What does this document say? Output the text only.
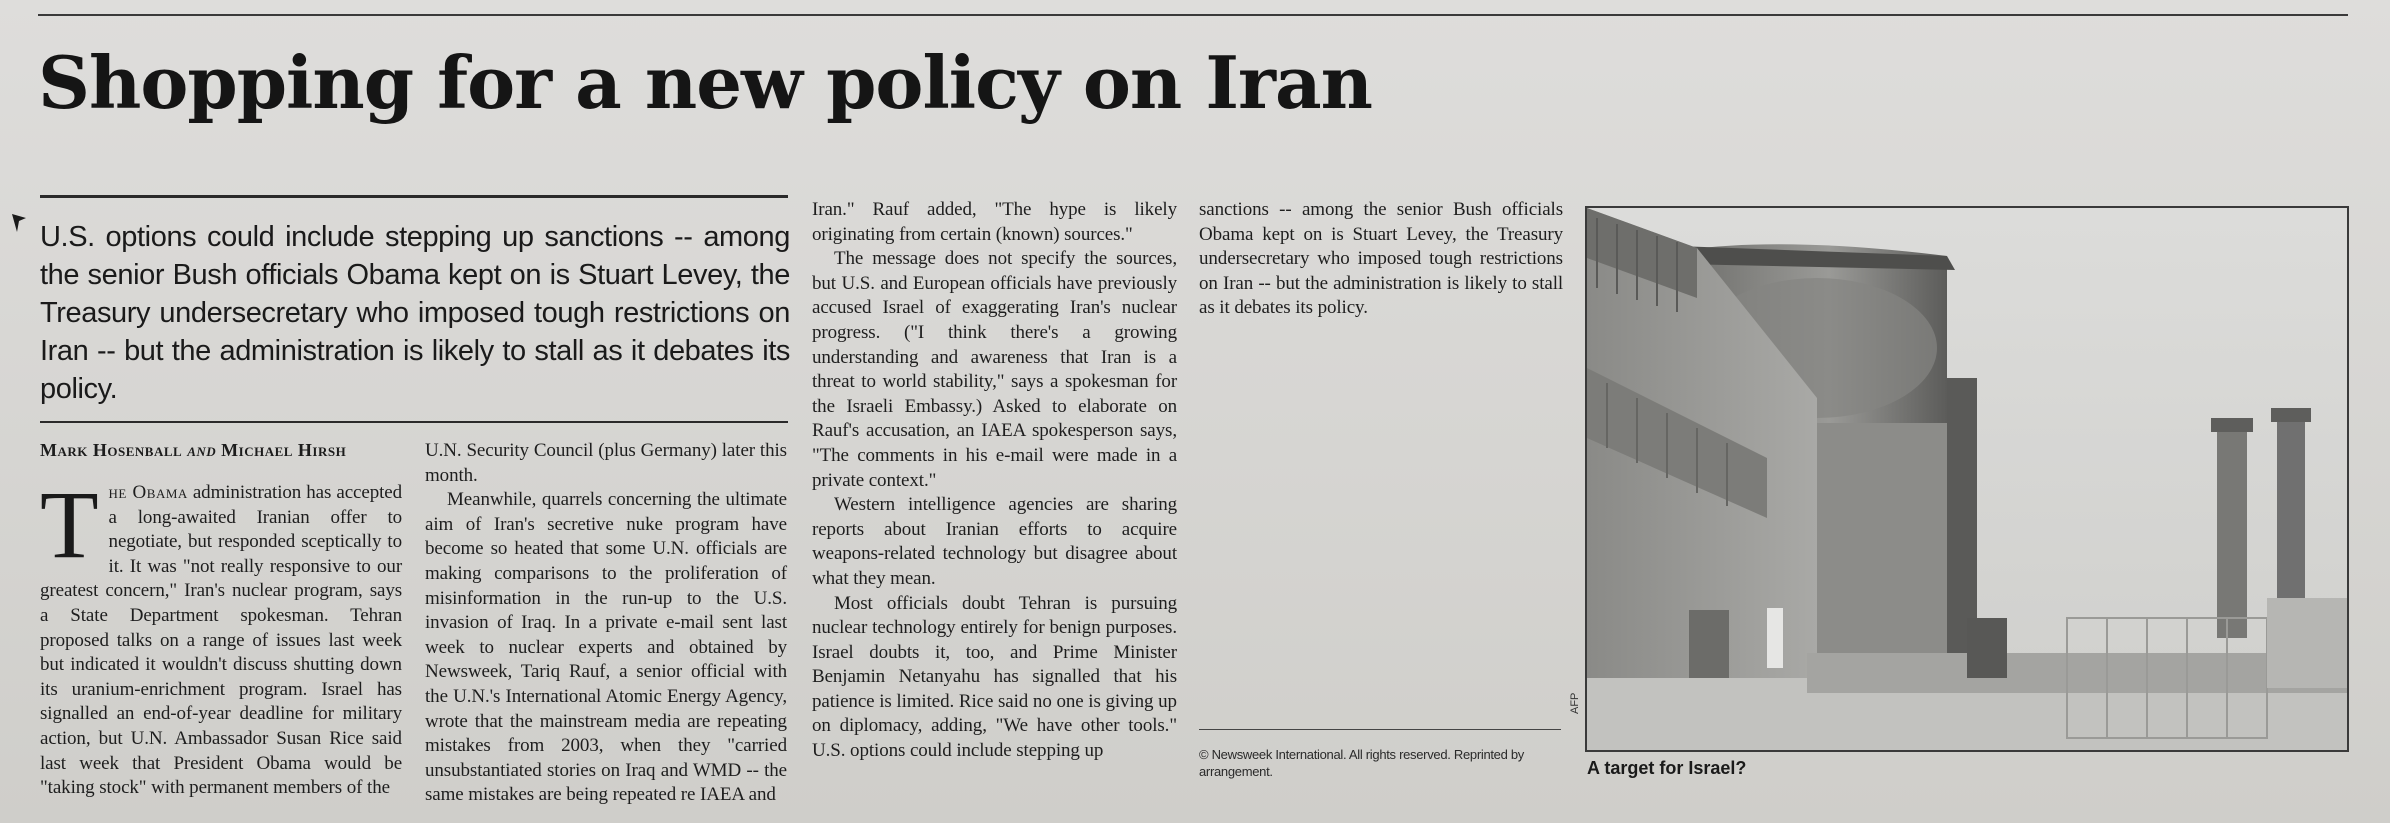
Shopping for a new policy on Iran

U.S. options could include stepping up sanctions -- among the senior Bush officials Obama kept on is Stuart Levey, the Treasury undersecretary who imposed tough restrictions on Iran -- but the administration is likely to stall as it debates its policy.

Mark Hosenball and Michael Hirsh

The Obama administration has accepted a long-awaited Iranian offer to negotiate, but responded sceptically to it. It was "not really responsive to our greatest concern," Iran's nuclear program, says a State Department spokesman. Tehran proposed talks on a range of issues last week but indicated it wouldn't discuss shutting down its uranium-enrichment program. Israel has signalled an end-of-year deadline for military action, but U.N. Ambassador Susan Rice said last week that President Obama would be "taking stock" with permanent members of the

U.N. Security Council (plus Germany) later this month.

Meanwhile, quarrels concerning the ultimate aim of Iran's secretive nuke program have become so heated that some U.N. officials are making comparisons to the proliferation of misinformation in the run-up to the U.S. invasion of Iraq. In a private e-mail sent last week to nuclear experts and obtained by Newsweek, Tariq Rauf, a senior official with the U.N.'s International Atomic Energy Agency, wrote that the mainstream media are repeating mistakes from 2003, when they "carried unsubstantiated stories on Iraq and WMD -- the same mistakes are being repeated re IAEA and

Iran." Rauf added, "The hype is likely originating from certain (known) sources."

The message does not specify the sources, but U.S. and European officials have previously accused Israel of exaggerating Iran's nuclear progress. ("I think there's a growing understanding and awareness that Iran is a threat to world stability," says a spokesman for the Israeli Embassy.) Asked to elaborate on Rauf's accusation, an IAEA spokesperson says, "The comments in his e-mail were made in a private context."

Western intelligence agencies are sharing reports about Iranian efforts to acquire weapons-related technology but disagree about what they mean.

Most officials doubt Tehran is pursuing nuclear technology entirely for benign purposes. Israel doubts it, too, and Prime Minister Benjamin Netanyahu has signalled that his patience is limited. Rice said no one is giving up on diplomacy, adding, "We have other tools." U.S. options could include stepping up

sanctions -- among the senior Bush officials Obama kept on is Stuart Levey, the Treasury undersecretary who imposed tough restrictions on Iran -- but the administration is likely to stall as it debates its policy.

© Newsweek International. All rights reserved. Reprinted by arrangement.

AFP

A target for Israel?
